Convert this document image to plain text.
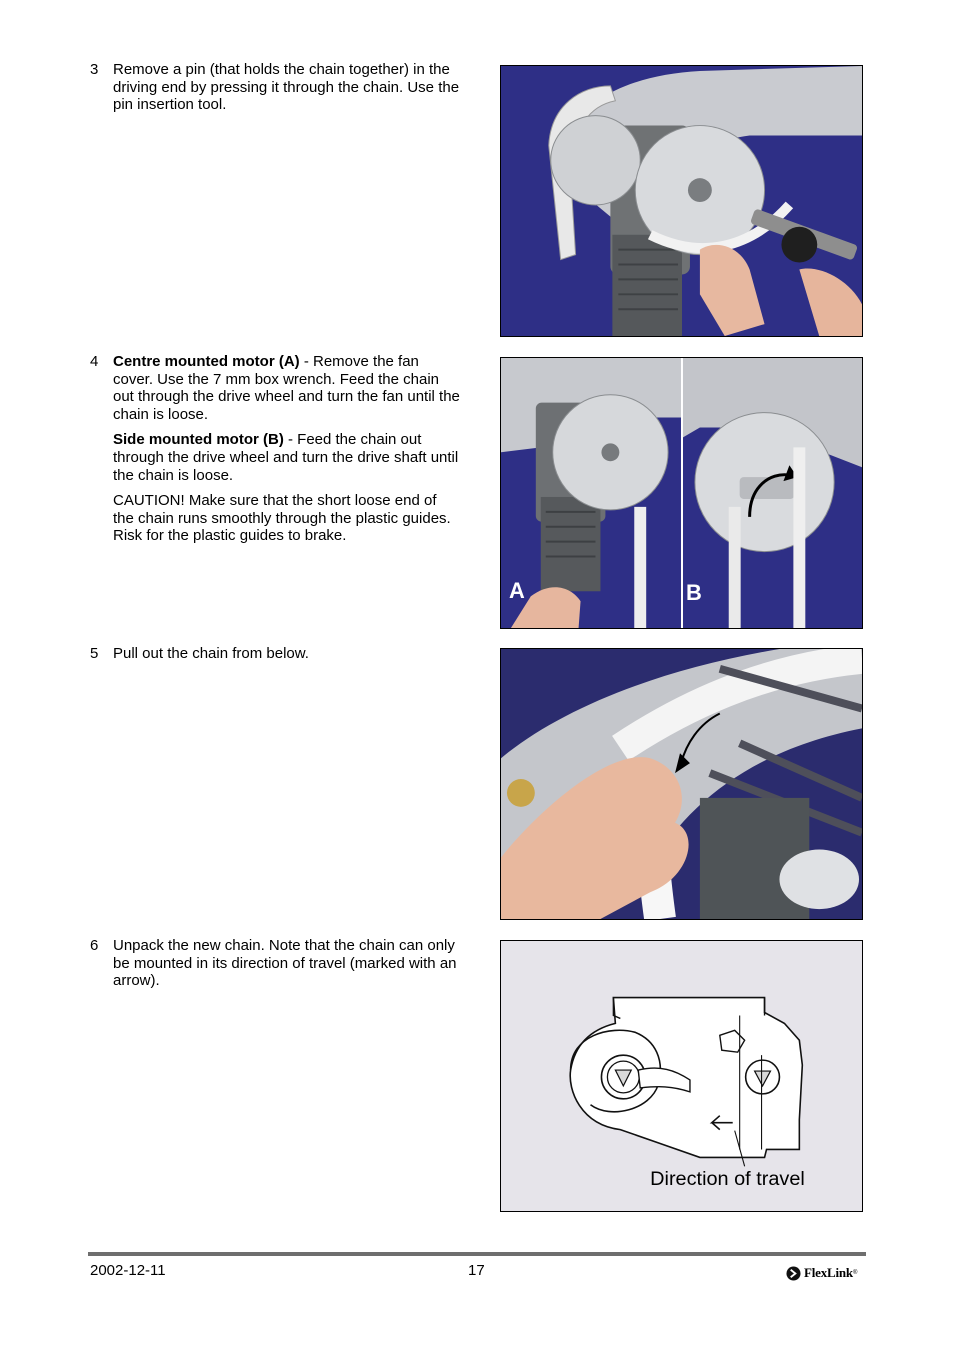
3 Remove a pin (that holds the chain together) in the driving end by pressing it through the chain. Use the pin insertion tool.

4 Centre mounted motor (A) - Remove the fan cover. Use the 7 mm box wrench. Feed the chain out through the drive wheel and turn the fan until the chain is loose.

Side mounted motor (B) - Feed the chain out through the drive wheel and turn the drive shaft until the chain is loose.

CAUTION! Make sure that the short loose end of the chain runs smoothly through the plastic guides. Risk for the plastic guides to brake.

A	B
5 Pull out the chain from below.

6 Unpack the new chain. Note that the chain can only be mounted in its direction of travel (marked with an arrow).

Direction of travel
2002-12-11	17	FlexLink ®
